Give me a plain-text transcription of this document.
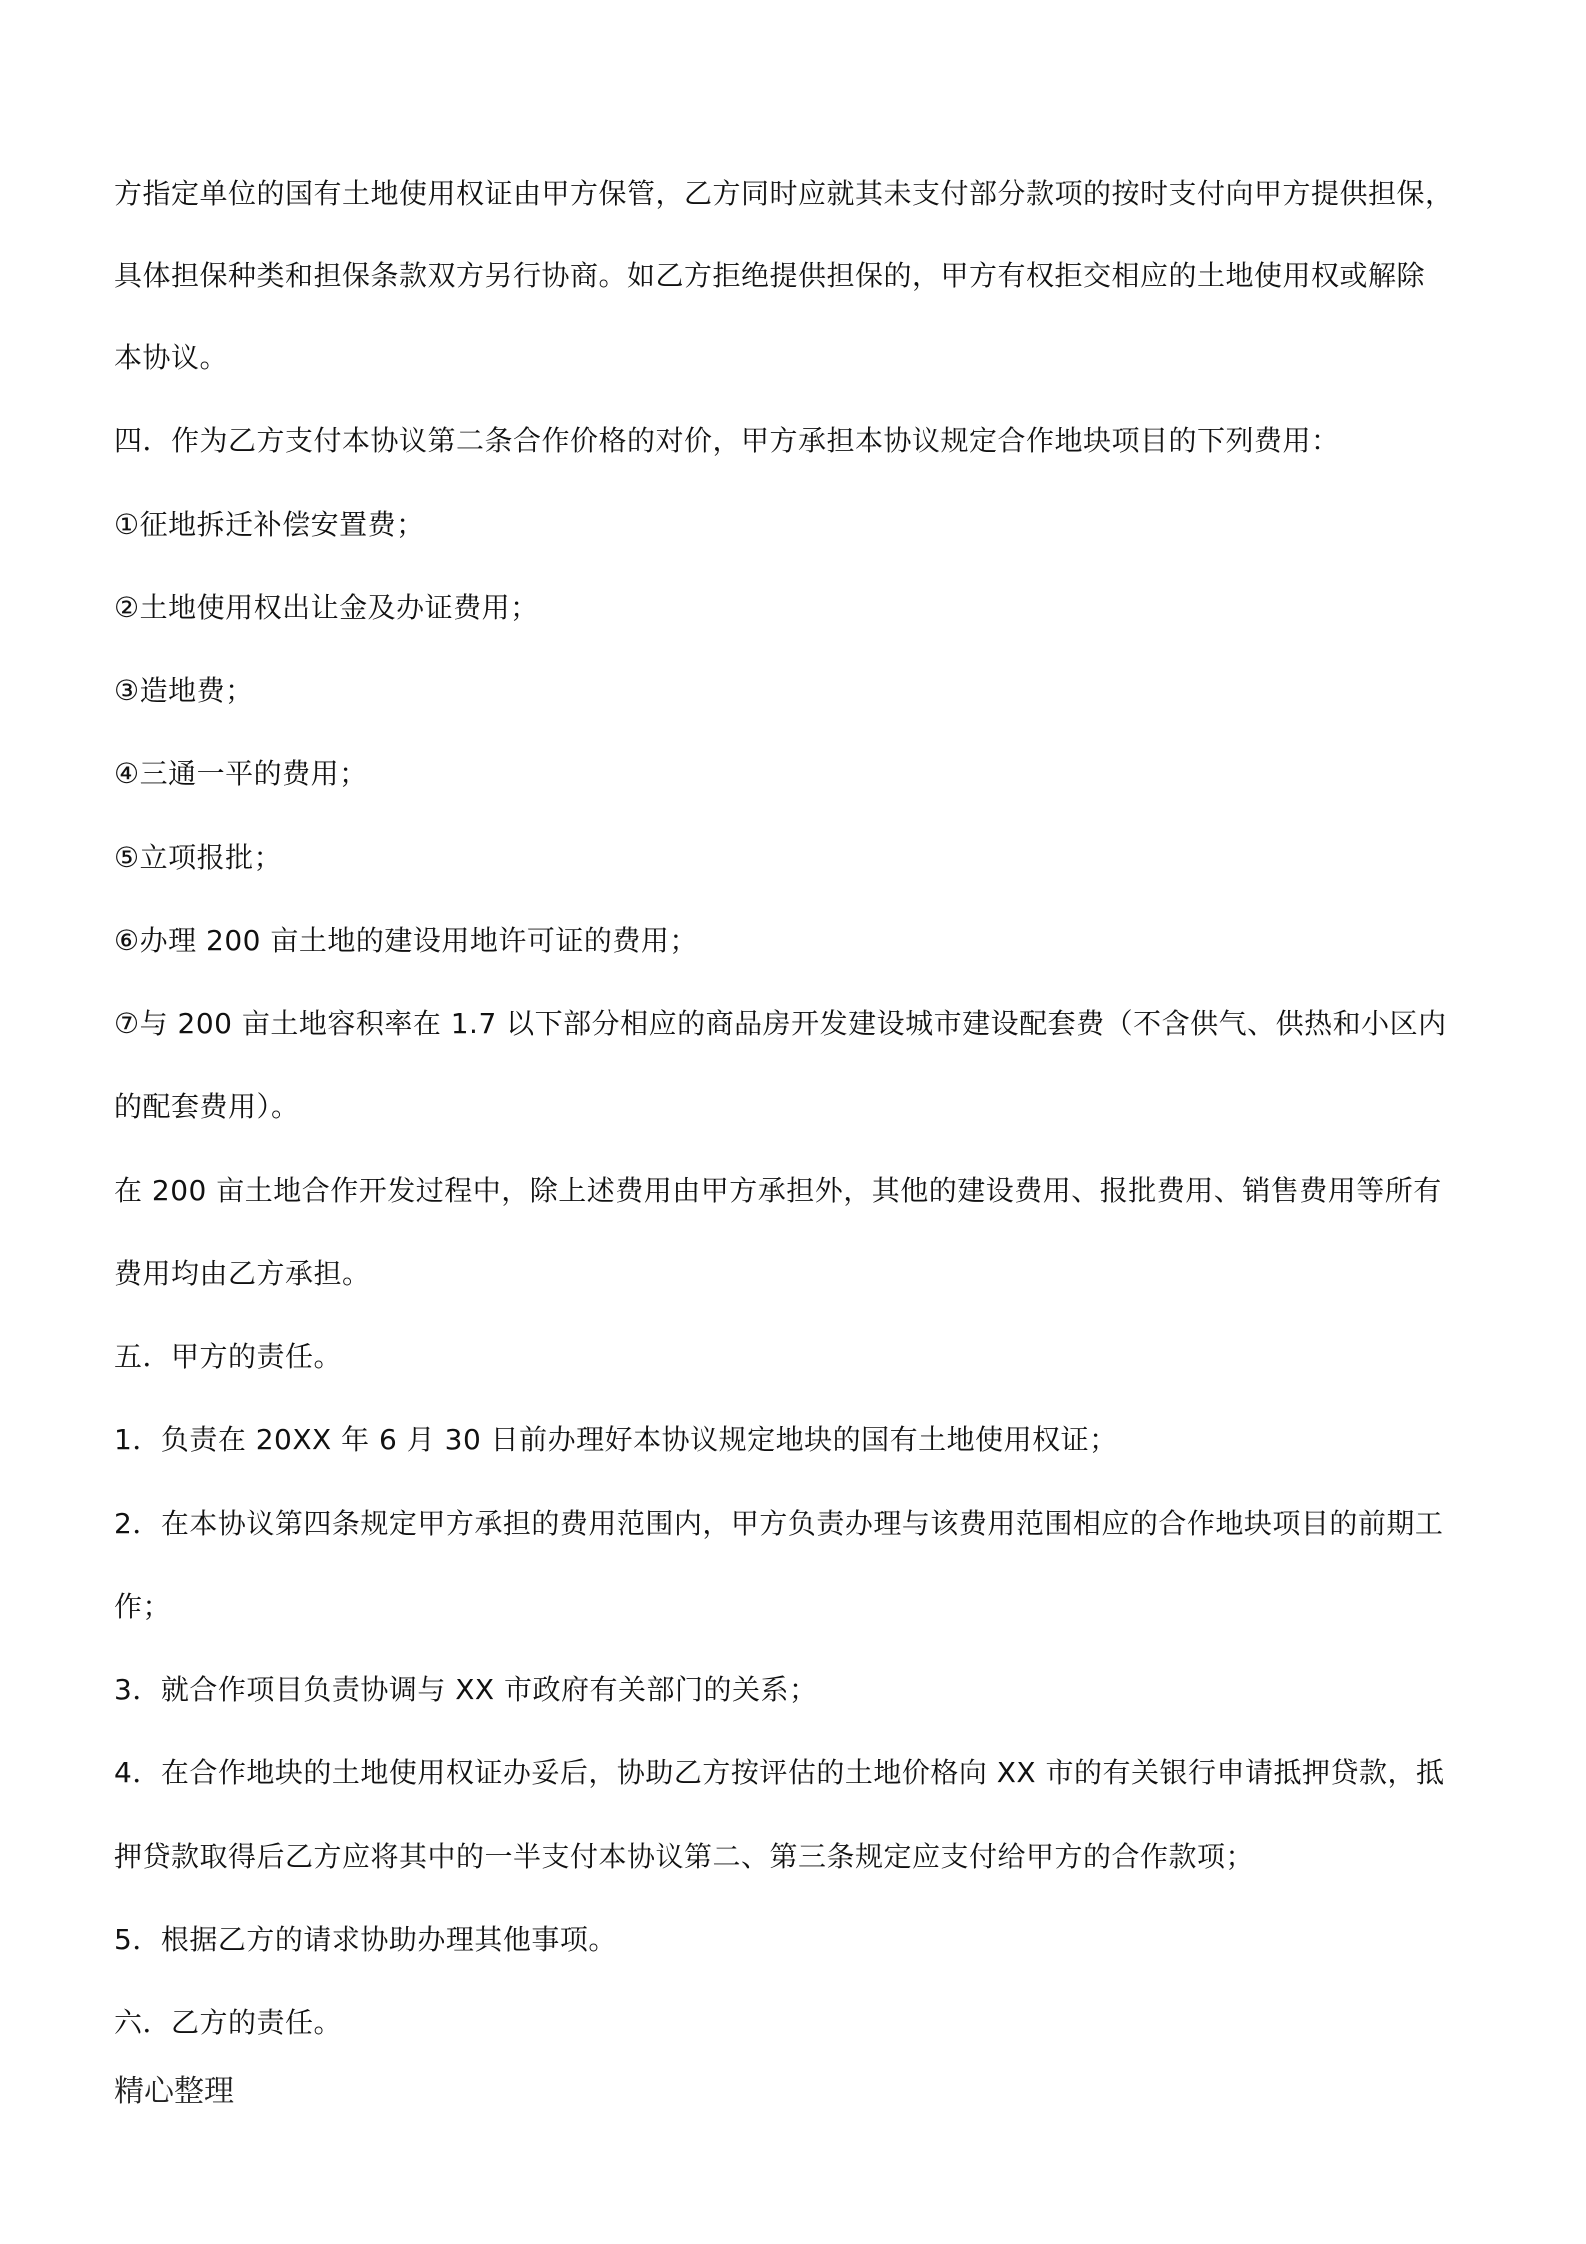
方指定单位的国有土地使用权证由甲方保管，乙方同时应就其未支付部分款项的按时支付向甲方提供担保，
具体担保种类和担保条款双方另行协商。如乙方拒绝提供担保的，甲方有权拒交相应的土地使用权或解除
本协议。
四．作为乙方支付本协议第二条合作价格的对价，甲方承担本协议规定合作地块项目的下列费用：
①征地拆迁补偿安置费；
②土地使用权出让金及办证费用；
③造地费；
④三通一平的费用；
⑤立项报批；
⑥办理 200 亩土地的建设用地许可证的费用；
⑦与 200 亩土地容积率在 1.7 以下部分相应的商品房开发建设城市建设配套费（不含供气、供热和小区内
的配套费用）。
在 200 亩土地合作开发过程中，除上述费用由甲方承担外，其他的建设费用、报批费用、销售费用等所有
费用均由乙方承担。
五．甲方的责任。
1．负责在 20XX 年 6 月 30 日前办理好本协议规定地块的国有土地使用权证；
2．在本协议第四条规定甲方承担的费用范围内，甲方负责办理与该费用范围相应的合作地块项目的前期工
作；
3．就合作项目负责协调与 XX 市政府有关部门的关系；
4．在合作地块的土地使用权证办妥后，协助乙方按评估的土地价格向 XX 市的有关银行申请抵押贷款，抵
押贷款取得后乙方应将其中的一半支付本协议第二、第三条规定应支付给甲方的合作款项；
5．根据乙方的请求协助办理其他事项。
六．乙方的责任。
精心整理
